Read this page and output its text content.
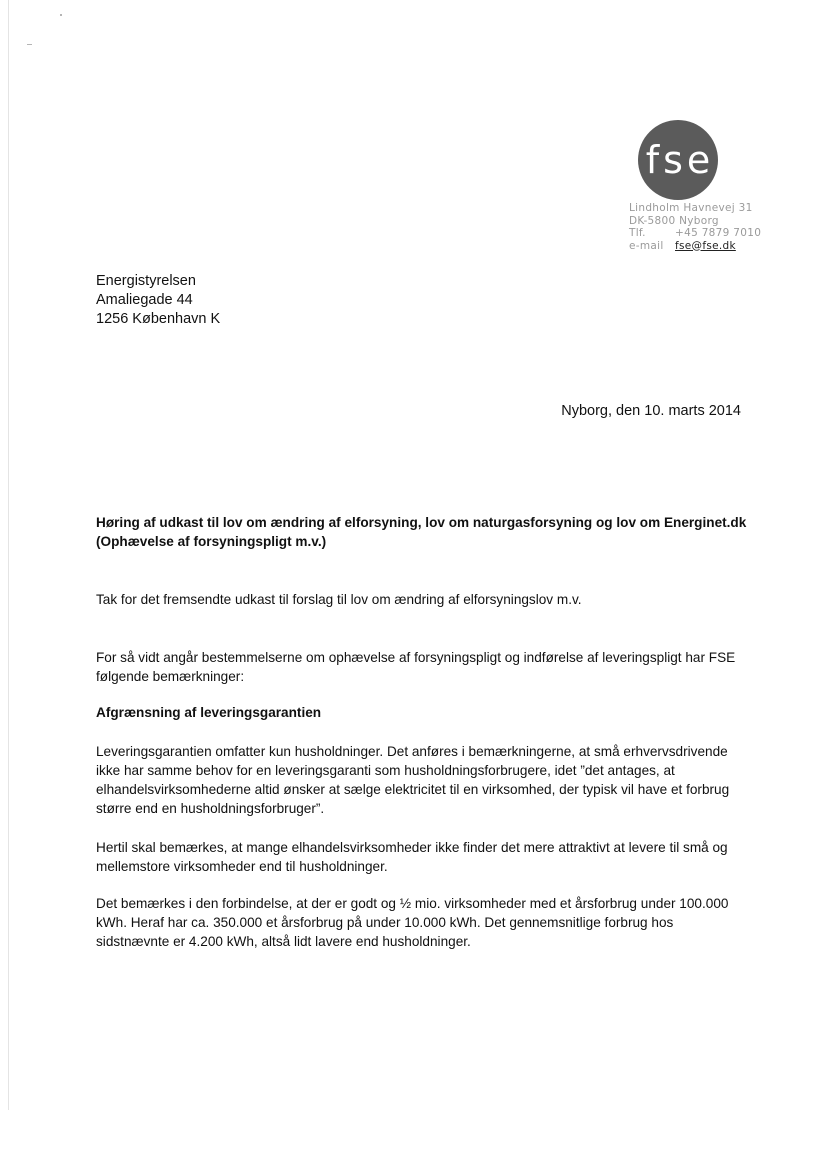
fse
Lindholm Havnevej 31
DK-5800 Nyborg
Tlf.	+45 7879 7010
e-mail fse@fse.dk
Energistyrelsen
Amaliegade 44
1256 København K
Nyborg, den 10. marts 2014
Høring af udkast til lov om ændring af elforsyning, lov om naturgasforsyning og lov om Energinet.dk
(Ophævelse af forsyningspligt m.v.)
Tak for det fremsendte udkast til forslag til lov om ændring af elforsyningslov m.v.
For så vidt angår bestemmelserne om ophævelse af forsyningspligt og indførelse af leveringspligt har FSE følgende bemærkninger:
Afgrænsning af leveringsgarantien
Leveringsgarantien omfatter kun husholdninger. Det anføres i bemærkningerne, at små erhvervsdrivende ikke har samme behov for en leveringsgaranti som husholdningsforbrugere, idet ”det antages, at elhandelsvirksomhederne altid ønsker at sælge elektricitet til en virksomhed, der typisk vil have et forbrug større end en husholdningsforbruger”.
Hertil skal bemærkes, at mange elhandelsvirksomheder ikke finder det mere attraktivt at levere til små og mellemstore virksomheder end til husholdninger.
Det bemærkes i den forbindelse, at der er godt og ½ mio. virksomheder med et årsforbrug under 100.000 kWh. Heraf har ca. 350.000 et årsforbrug på under 10.000 kWh. Det gennemsnitlige forbrug hos sidstnævnte er 4.200 kWh, altså lidt lavere end husholdninger.
